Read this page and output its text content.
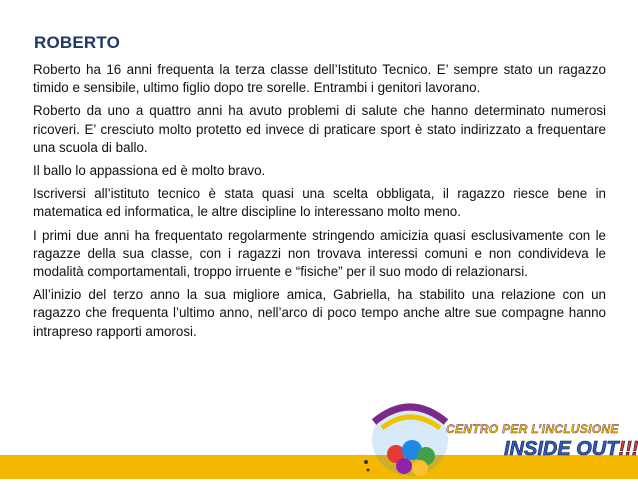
ROBERTO

Roberto ha 16 anni frequenta la terza classe dell’Istituto Tecnico. E’ sempre stato un ragazzo timido e sensibile, ultimo figlio dopo tre sorelle. Entrambi i genitori lavorano.

Roberto da uno a quattro anni ha avuto problemi di salute che hanno determinato numerosi ricoveri. E’ cresciuto molto protetto ed invece di praticare sport è stato indirizzato a frequentare una scuola di ballo.

Il ballo lo appassiona ed è molto bravo.

Iscriversi all’istituto tecnico è stata quasi una scelta obbligata, il ragazzo riesce bene in matematica ed informatica, le altre discipline lo interessano molto meno.

I primi due anni ha frequentato regolarmente stringendo amicizia quasi esclusivamente con le ragazze della sua classe, con i ragazzi non trovava interessi comuni e non condivideva le modalità comportamentali, troppo irruente e “fisiche” per il suo modo di relazionarsi.

All’inizio del terzo anno la sua migliore amica, Gabriella, ha stabilito una relazione con un ragazzo che frequenta l’ultimo anno, nell’arco di poco tempo anche altre sue compagne hanno intrapreso rapporti amorosi.

CENTRO PER L’INCLUSIONE
INSIDE OUT!!!
